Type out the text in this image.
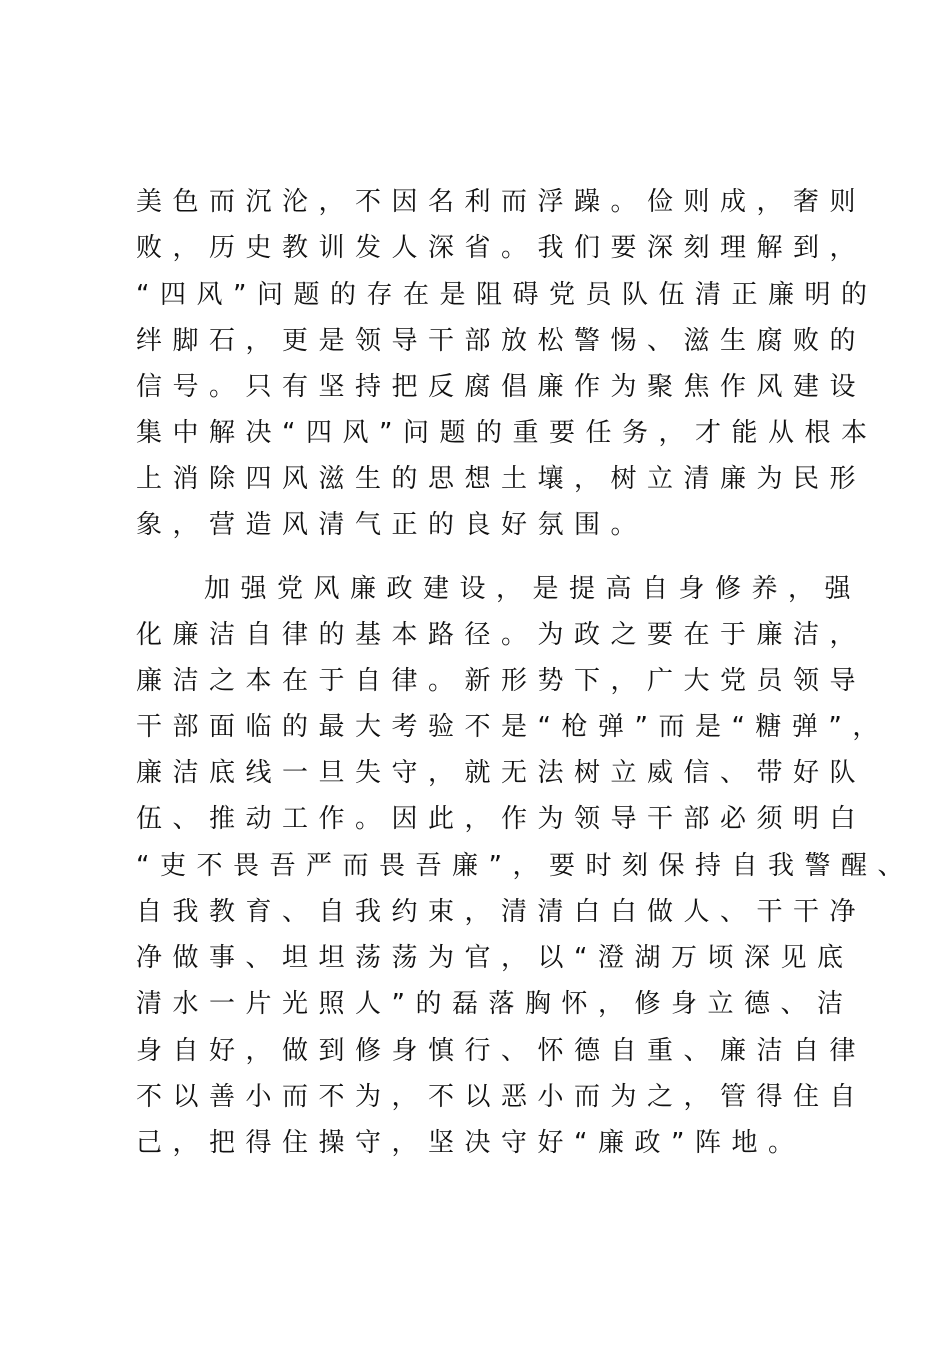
美色而沉沦，不因名利而浮躁。俭则成，奢则
败，历史教训发人深省。我们要深刻理解到，
“四风”问题的存在是阻碍党员队伍清正廉明的
绊脚石，更是领导干部放松警惕、滋生腐败的
信号。只有坚持把反腐倡廉作为聚焦作风建设
集中解决“四风”问题的重要任务，才能从根本
上消除四风滋生的思想土壤，树立清廉为民形
象，营造风清气正的良好氛围。
加强党风廉政建设，是提高自身修养，强
化廉洁自律的基本路径。为政之要在于廉洁，
廉洁之本在于自律。新形势下，广大党员领导
干部面临的最大考验不是“枪弹”而是“糖弹”，
廉洁底线一旦失守，就无法树立威信、带好队
伍、推动工作。因此，作为领导干部必须明白
“吏不畏吾严而畏吾廉”，要时刻保持自我警醒、
自我教育、自我约束，清清白白做人、干干净
净做事、坦坦荡荡为官，以“澄湖万顷深见底
清水一片光照人”的磊落胸怀，修身立德、洁
身自好，做到修身慎行、怀德自重、廉洁自律
不以善小而不为，不以恶小而为之，管得住自
己，把得住操守，坚决守好“廉政”阵地。
